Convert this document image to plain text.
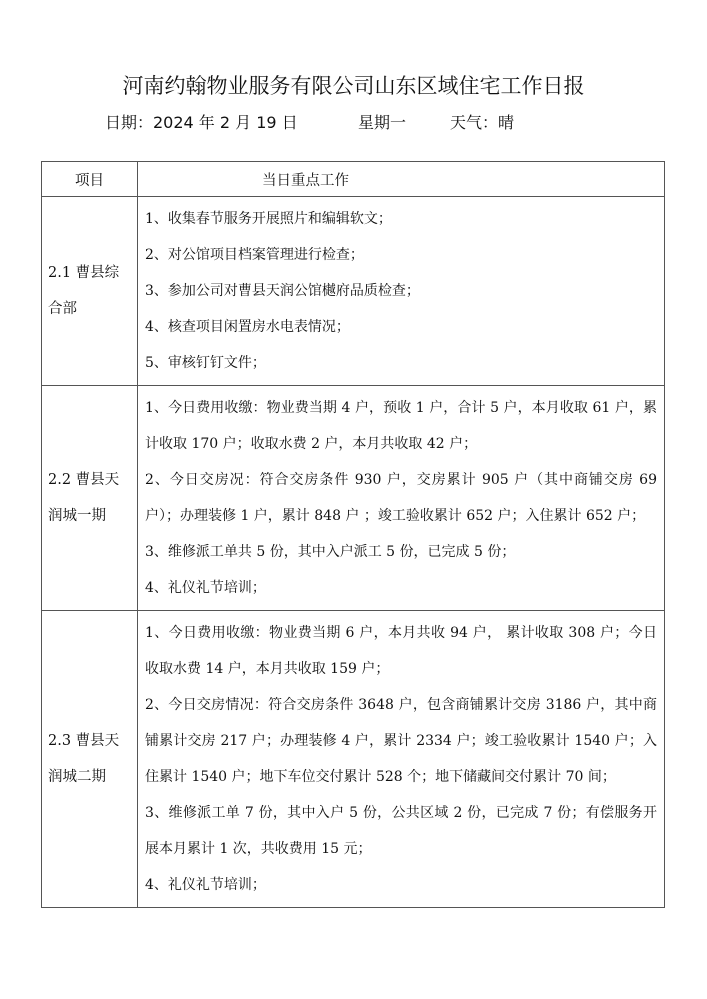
河南约翰物业服务有限公司山东区域住宅工作日报
日期：2024 年 2 月 19 日	星期一	天气：晴
项目	当日重点工作
2.1 曹县综合部	1、收集春节服务开展照片和编辑软文；
2、对公馆项目档案管理进行检查；
3、参加公司对曹县天润公馆樾府品质检查；
4、核查项目闲置房水电表情况；
5、审核钉钉文件；

2.2 曹县天润城一期	1、今日费用收缴：物业费当期 4 户，预收 1 户，合计 5 户，本月收取 61 户，累计收取 170 户；收取水费 2 户，本月共收取 42 户；
2、今日交房况：符合交房条件 930 户，交房累计 905 户（其中商铺交房 69 户）；办理装修 1 户，累计 848 户 ；竣工验收累计 652 户；入住累计 652 户；
3、维修派工单共 5 份，其中入户派工 5 份，已完成 5 份；
4、礼仪礼节培训；

2.3 曹县天润城二期	1、今日费用收缴：物业费当期 6 户，本月共收 94 户， 累计收取 308 户；今日收取水费 14 户，本月共收取 159 户；
2、今日交房情况：符合交房条件 3648 户，包含商铺累计交房 3186 户，其中商铺累计交房 217 户；办理装修 4 户，累计 2334 户；竣工验收累计 1540 户；入住累计 1540 户；地下车位交付累计 528 个；地下储藏间交付累计 70 间；
3、维修派工单 7 份，其中入户 5 份，公共区域 2 份，已完成 7 份；有偿服务开展本月累计 1 次，共收费用 15 元；
4、礼仪礼节培训；
